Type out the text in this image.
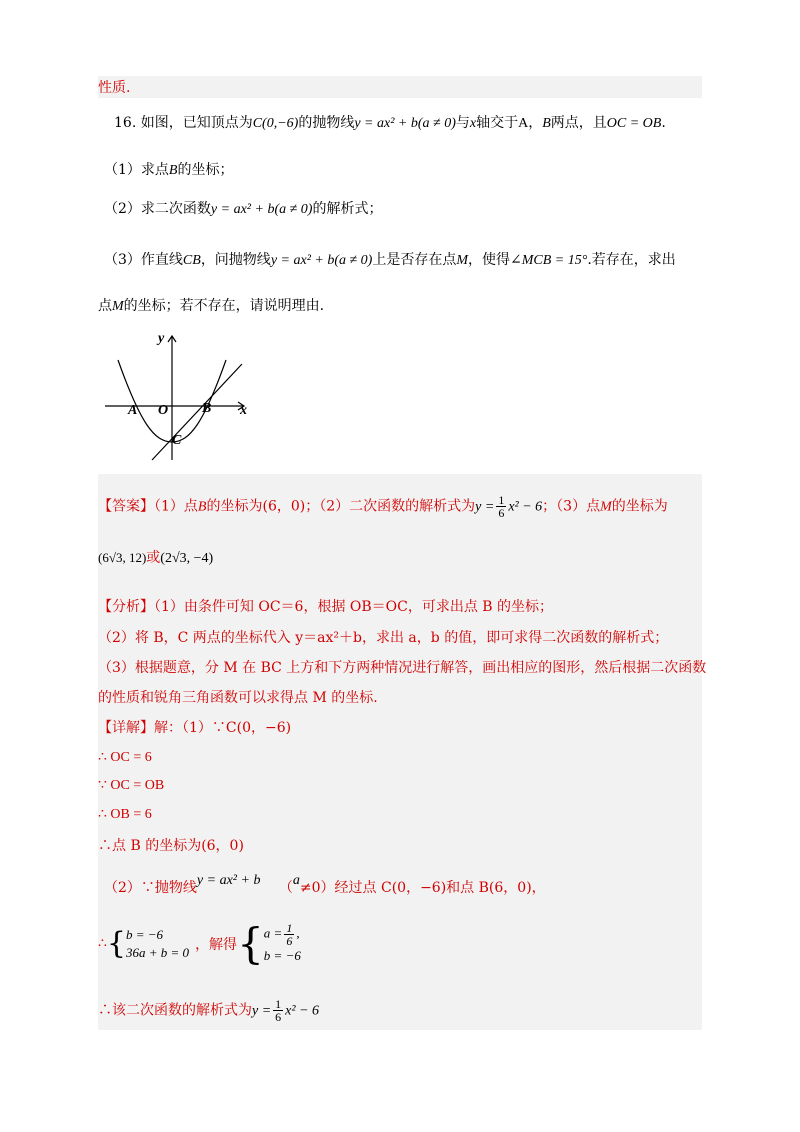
性质.
16. 如图，已知顶点为C(0,−6)的抛物线y = ax² + b(a ≠ 0)与x轴交于A，B两点，且OC = OB.
（1）求点B的坐标；
（2）求二次函数y = ax² + b(a ≠ 0)的解析式；
（3）作直线CB，问抛物线y = ax² + b(a ≠ 0)上是否存在点M，使得∠MCB = 15°.若存在，求出
点M的坐标；若不存在，请说明理由.
y
x
A O B
C
【答案】（1）点B的坐标为(6，0)；（2）二次函数的解析式为$y = \frac{1}{6} x^2 - 6$；（3）点M的坐标为
(6√3, 12)或(2√3, −4)
【分析】（1）由条件可知 OC＝6，根据 OB＝OC，可求出点 B 的坐标；
（2）将 B，C 两点的坐标代入 y＝ax²＋b，求出 a，b 的值，即可求得二次函数的解析式；
（3）根据题意，分 M 在 BC 上方和下方两种情况进行解答，画出相应的图形，然后根据二次函数
的性质和锐角三角函数可以求得点 M 的坐标.
【详解】解：（1）∵C(0，−6)
∴ OC = 6
∵ OC = OB
∴ OB = 6
∴点 B 的坐标为(6，0)
（2）∵抛物线y = ax² + b （a≠0）经过点 C(0，−6)和点 B(6，0)，
∴{ b = −6
36a + b = 0 ，解得{ $a = \frac{1}{6}$ ,
b = −6
∴该二次函数的解析式为$y = \frac{1}{6} x^2 - 6$
